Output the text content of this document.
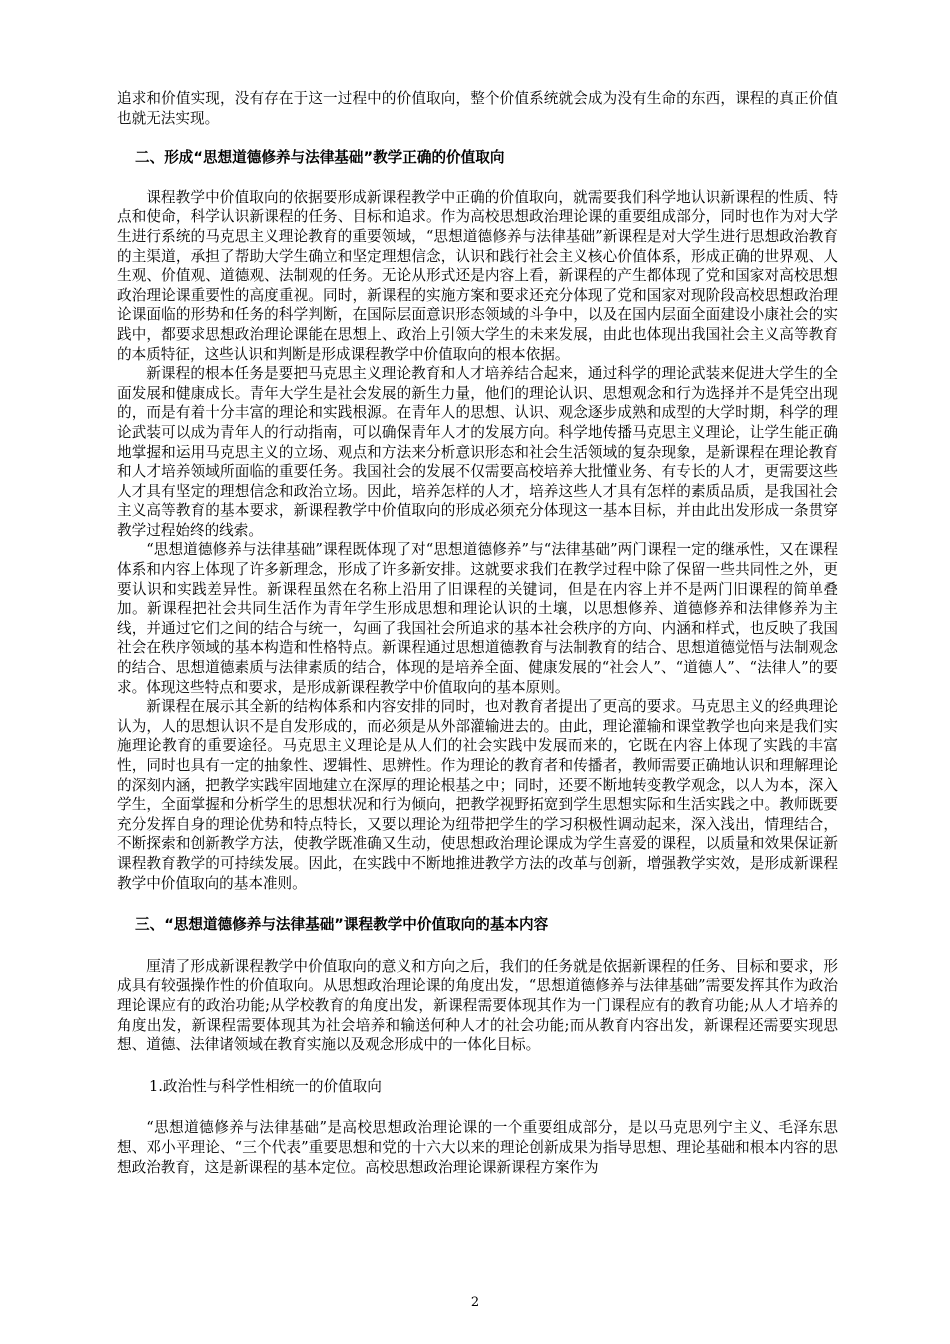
追求和价值实现，没有存在于这一过程中的价值取向，整个价值系统就会成为没有生命的东西，课程的真正价值也就无法实现。

二、形成“思想道德修养与法律基础”教学正确的价值取向

课程教学中价值取向的依据要形成新课程教学中正确的价值取向，就需要我们科学地认识新课程的性质、特点和使命，科学认识新课程的任务、目标和追求。作为高校思想政治理论课的重要组成部分，同时也作为对大学生进行系统的马克思主义理论教育的重要领域，“思想道德修养与法律基础”新课程是对大学生进行思想政治教育的主渠道，承担了帮助大学生确立和坚定理想信念，认识和践行社会主义核心价值体系，形成正确的世界观、人生观、价值观、道德观、法制观的任务。无论从形式还是内容上看，新课程的产生都体现了党和国家对高校思想政治理论课重要性的高度重视。同时，新课程的实施方案和要求还充分体现了党和国家对现阶段高校思想政治理论课面临的形势和任务的科学判断，在国际层面意识形态领域的斗争中，以及在国内层面全面建设小康社会的实践中，都要求思想政治理论课能在思想上、政治上引领大学生的未来发展，由此也体现出我国社会主义高等教育的本质特征，这些认识和判断是形成课程教学中价值取向的根本依据。

新课程的根本任务是要把马克思主义理论教育和人才培养结合起来，通过科学的理论武装来促进大学生的全面发展和健康成长。青年大学生是社会发展的新生力量，他们的理论认识、思想观念和行为选择并不是凭空出现的，而是有着十分丰富的理论和实践根源。在青年人的思想、认识、观念逐步成熟和成型的大学时期，科学的理论武装可以成为青年人的行动指南，可以确保青年人才的发展方向。科学地传播马克思主义理论，让学生能正确地掌握和运用马克思主义的立场、观点和方法来分析意识形态和社会生活领域的复杂现象，是新课程在理论教育和人才培养领域所面临的重要任务。我国社会的发展不仅需要高校培养大批懂业务、有专长的人才，更需要这些人才具有坚定的理想信念和政治立场。因此，培养怎样的人才，培养这些人才具有怎样的素质品质，是我国社会主义高等教育的基本要求，新课程教学中价值取向的形成必须充分体现这一基本目标，并由此出发形成一条贯穿教学过程始终的线索。

“思想道德修养与法律基础”课程既体现了对“思想道德修养”与“法律基础”两门课程一定的继承性，又在课程体系和内容上体现了许多新理念，形成了许多新安排。这就要求我们在教学过程中除了保留一些共同性之外，更要认识和实践差异性。新课程虽然在名称上沿用了旧课程的关键词，但是在内容上并不是两门旧课程的简单叠加。新课程把社会共同生活作为青年学生形成思想和理论认识的土壤，以思想修养、道德修养和法律修养为主线，并通过它们之间的结合与统一，勾画了我国社会所追求的基本社会秩序的方向、内涵和样式，也反映了我国社会在秩序领域的基本构造和性格特点。新课程通过思想道德教育与法制教育的结合、思想道德觉悟与法制观念的结合、思想道德素质与法律素质的结合，体现的是培养全面、健康发展的“社会人”、“道德人”、“法律人”的要求。体现这些特点和要求，是形成新课程教学中价值取向的基本原则。

新课程在展示其全新的结构体系和内容安排的同时，也对教育者提出了更高的要求。马克思主义的经典理论认为，人的思想认识不是自发形成的，而必须是从外部灌输进去的。由此，理论灌输和课堂教学也向来是我们实施理论教育的重要途径。马克思主义理论是从人们的社会实践中发展而来的，它既在内容上体现了实践的丰富性，同时也具有一定的抽象性、逻辑性、思辨性。作为理论的教育者和传播者，教师需要正确地认识和理解理论的深刻内涵，把教学实践牢固地建立在深厚的理论根基之中；同时，还要不断地转变教学观念，以人为本，深入学生，全面掌握和分析学生的思想状况和行为倾向，把教学视野拓宽到学生思想实际和生活实践之中。教师既要充分发挥自身的理论优势和特点特长，又要以理论为纽带把学生的学习积极性调动起来，深入浅出，情理结合，不断探索和创新教学方法，使教学既准确又生动，使思想政治理论课成为学生喜爱的课程，以质量和效果保证新课程教育教学的可持续发展。因此，在实践中不断地推进教学方法的改革与创新，增强教学实效，是形成新课程教学中价值取向的基本准则。

三、“思想道德修养与法律基础”课程教学中价值取向的基本内容

厘清了形成新课程教学中价值取向的意义和方向之后，我们的任务就是依据新课程的任务、目标和要求，形成具有较强操作性的价值取向。从思想政治理论课的角度出发，“思想道德修养与法律基础”需要发挥其作为政治理论课应有的政治功能;从学校教育的角度出发，新课程需要体现其作为一门课程应有的教育功能;从人才培养的角度出发，新课程需要体现其为社会培养和输送何种人才的社会功能;而从教育内容出发，新课程还需要实现思想、道德、法律诸领域在教育实施以及观念形成中的一体化目标。

1.政治性与科学性相统一的价值取向

“思想道德修养与法律基础”是高校思想政治理论课的一个重要组成部分，是以马克思列宁主义、毛泽东思想、邓小平理论、“三个代表”重要思想和党的十六大以来的理论创新成果为指导思想、理论基础和根本内容的思想政治教育，这是新课程的基本定位。高校思想政治理论课新课程方案作为

2
